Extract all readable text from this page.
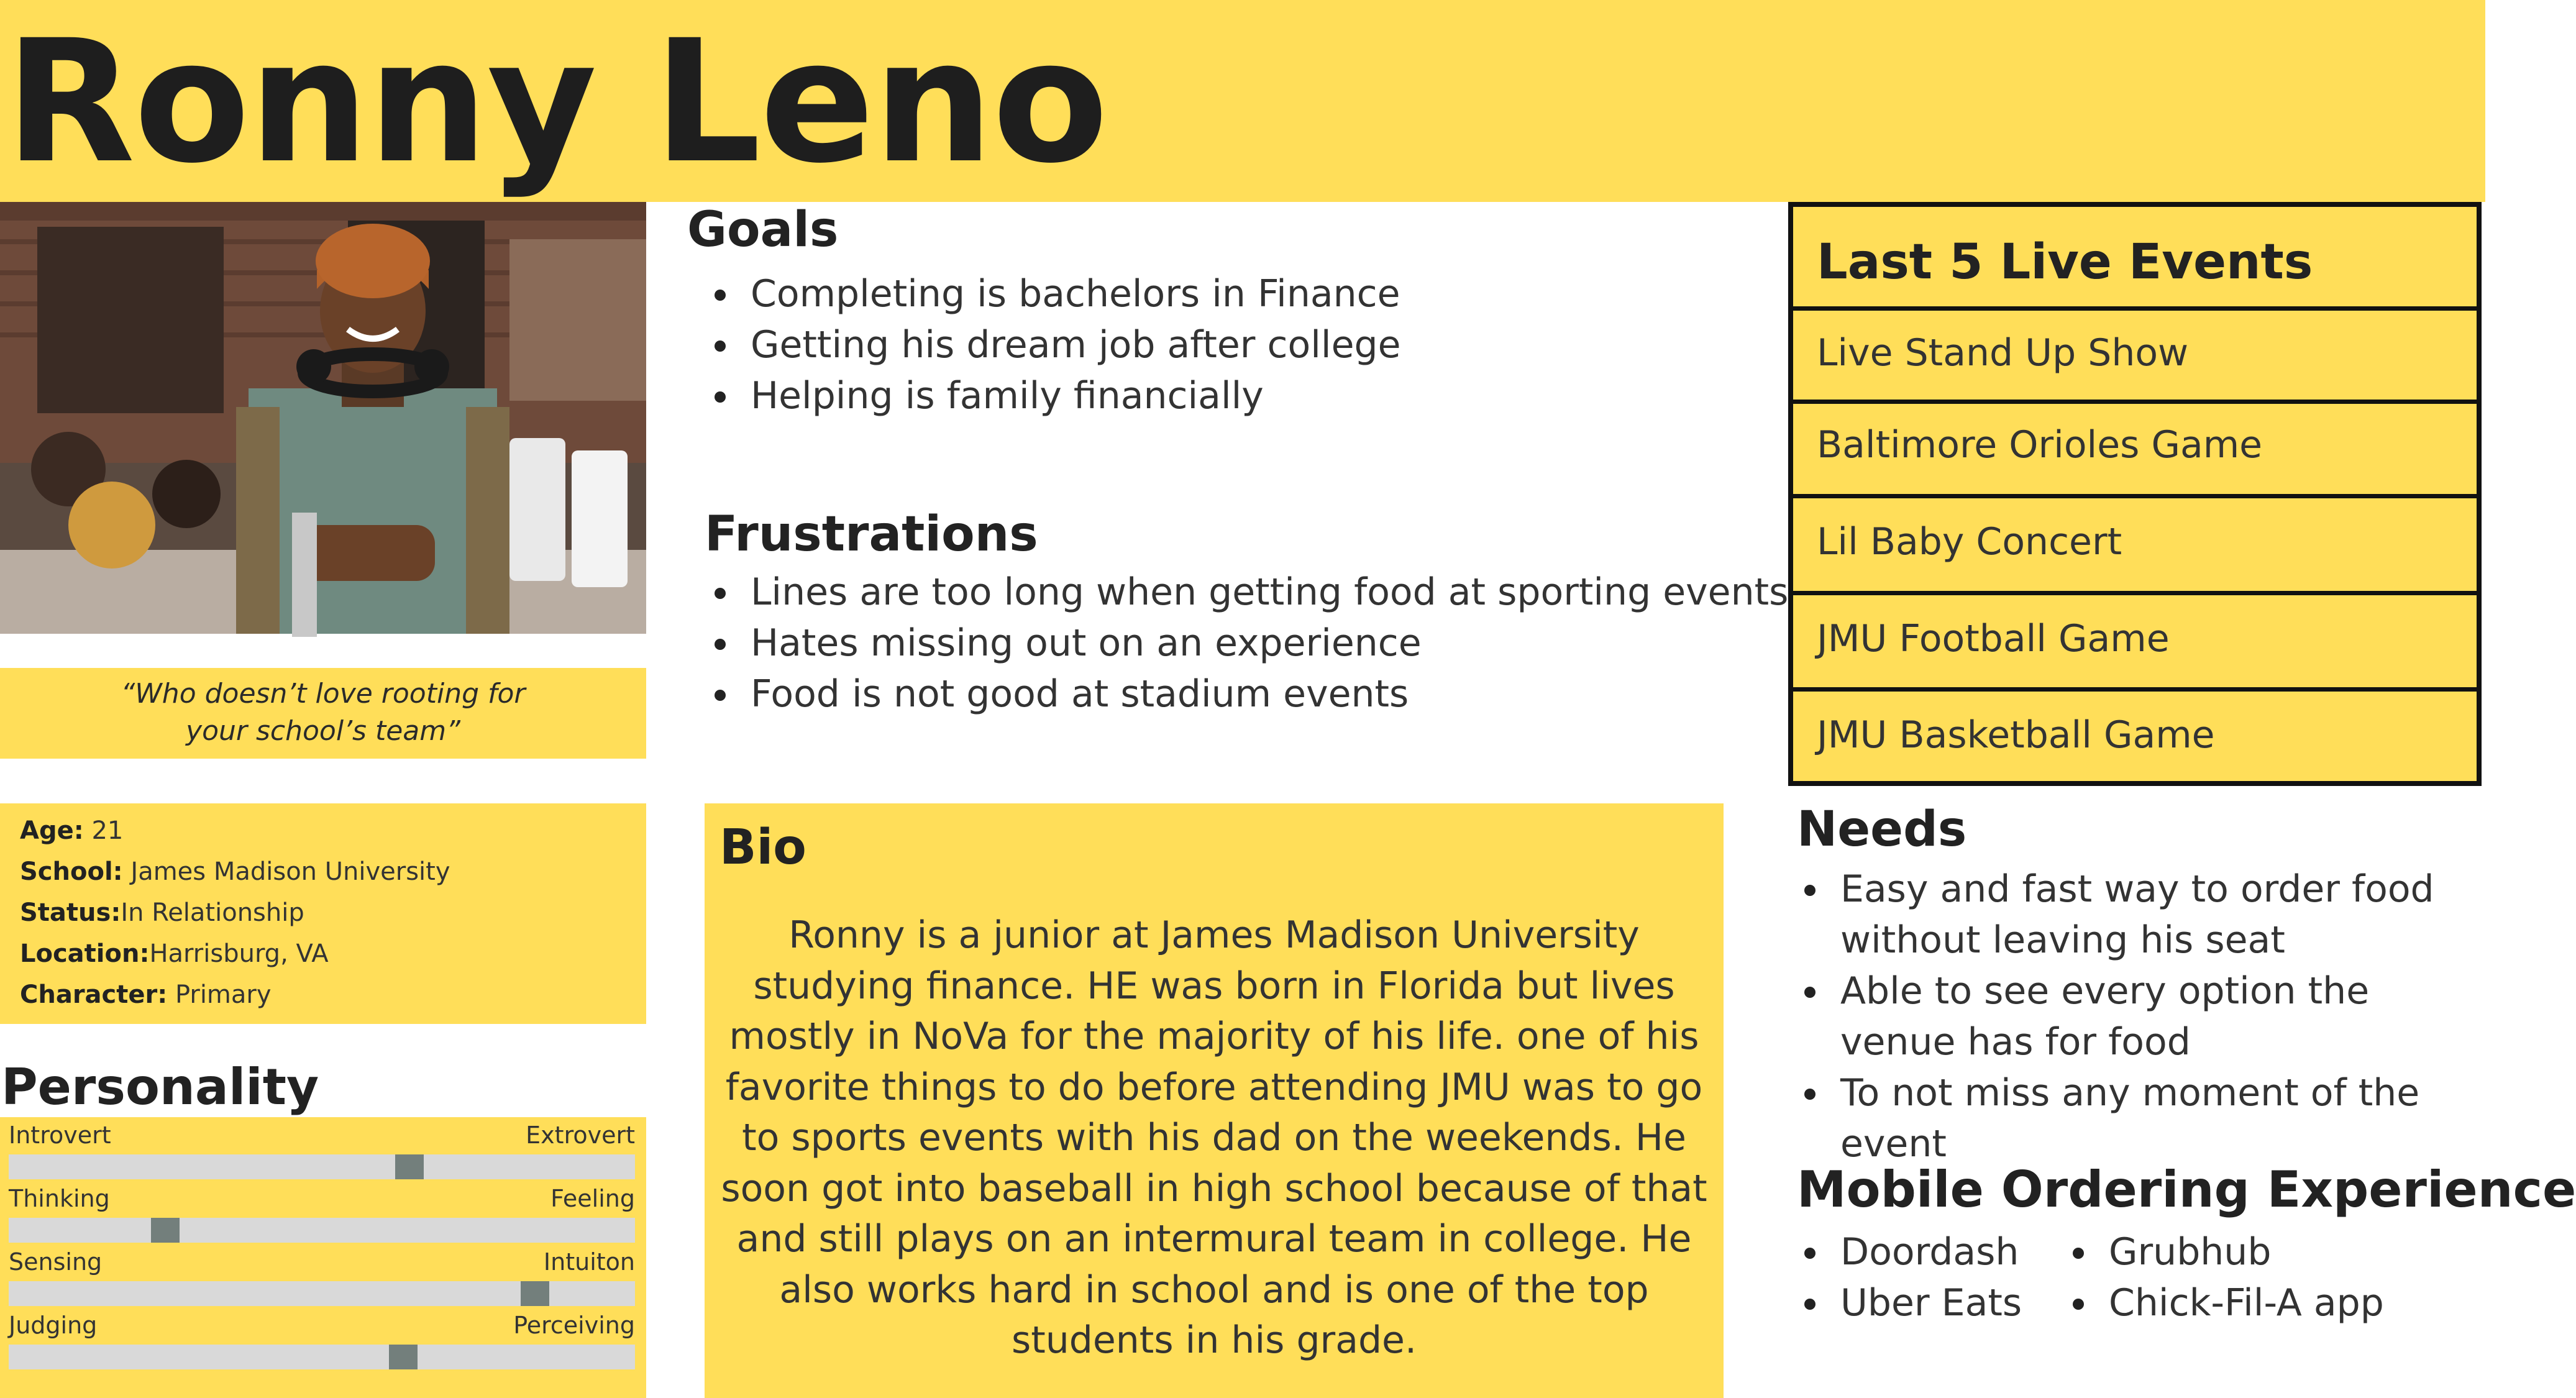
Ronny Leno
“Who doesn’t love rooting for
your school’s team”
Age: 21
School: James Madison University
Status:In Relationship
Location:Harrisburg, VA
Character: Primary
Personality
Introvert	Extrovert
Thinking	Feeling
Sensing	Intuiton
Judging	Perceiving
Goals
Completing is bachelors in Finance
Getting his dream job after college
Helping is family financially
Frustrations
Lines are too long when getting food at sporting events
Hates missing out on an experience
Food is not good at stadium events
Bio
Ronny is a junior at James Madison University studying finance. HE was born in Florida but lives mostly in NoVa for the majority of his life. one of his favorite things to do before attending JMU was to go to sports events with his dad on the weekends. He soon got into baseball in high school because of that and still plays on an intermural team in college. He also works hard in school and is one of the top students in his grade.
Last 5 Live Events
Live Stand Up Show
Baltimore Orioles Game
Lil Baby Concert
JMU Football Game
JMU Basketball Game
Needs
Easy and fast way to order food without leaving his seat
Able to see every option the venue has for food
To not miss any moment of the event
Mobile Ordering Experience
Doordash
Uber Eats
Grubhub
Chick-Fil-A app
